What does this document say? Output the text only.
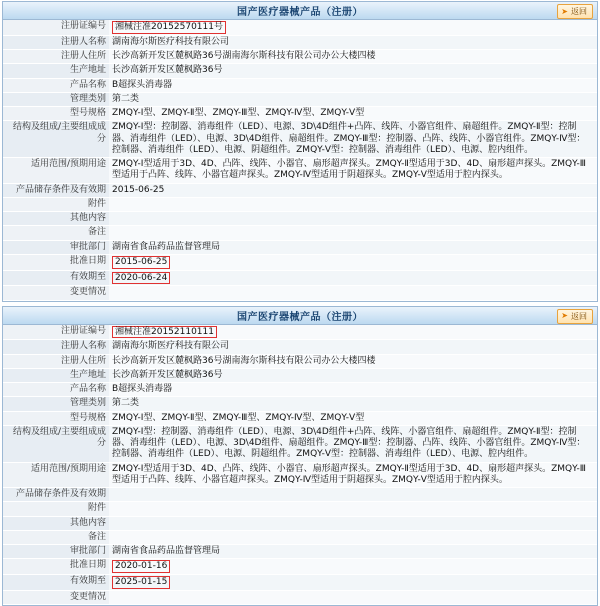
国产医疗器械产品（注册）	➤ 返回
注册证编号	湘械注准20152570111号
注册人名称	湖南海尔斯医疗科技有限公司
注册人住所	长沙高新开发区麓枫路36号湖南海尔斯科技有限公司办公大楼四楼
生产地址	长沙高新开发区麓枫路36号
产品名称	B超探头消毒器
管理类别	第二类
型号规格	ZMQY-Ⅰ型、ZMQY-Ⅱ型、ZMQY-Ⅲ型、ZMQY-Ⅳ型、ZMQY-Ⅴ型
结构及组成/主要组成成分	ZMQY-Ⅰ型：控制器、消毒组件（LED）、电源、3D\4D组件+凸阵、线阵、小器官组件、扇超组件。ZMQY-Ⅱ型：控制器、消毒组件（LED）、电源、3D\4D组件、扇超组件。ZMQY-Ⅲ型：控制器、凸阵、线阵、小器官组件。ZMQY-Ⅳ型：控制器、消毒组件（LED）、电源、阴超组件。ZMQY-Ⅴ型：控制器、消毒组件（LED）、电源、腔内组件。
适用范围/预期用途	ZMQY-Ⅰ型适用于3D、4D、凸阵、线阵、小器官、扇形超声探头。ZMQY-Ⅱ型适用于3D、4D、扇形超声探头。ZMQY-Ⅲ型适用于凸阵、线阵、小器官超声探头。ZMQY-Ⅳ型适用于阴超探头。ZMQY-Ⅴ型适用于腔内探头。
产品储存条件及有效期	2015-06-25
附件	
其他内容	
备注	
审批部门	湖南省食品药品监督管理局
批准日期	2015-06-25
有效期至	2020-06-24
变更情况	
国产医疗器械产品（注册）	➤ 返回
注册证编号	湘械注准20152110111
注册人名称	湖南海尔斯医疗科技有限公司
注册人住所	长沙高新开发区麓枫路36号湖南海尔斯科技有限公司办公大楼四楼
生产地址	长沙高新开发区麓枫路36号
产品名称	B超探头消毒器
管理类别	第二类
型号规格	ZMQY-Ⅰ型、ZMQY-Ⅱ型、ZMQY-Ⅲ型、ZMQY-Ⅳ型、ZMQY-Ⅴ型
结构及组成/主要组成成分	ZMQY-Ⅰ型：控制器、消毒组件（LED）、电源、3D\4D组件+凸阵、线阵、小器官组件、扇超组件。ZMQY-Ⅱ型：控制器、消毒组件（LED）、电源、3D\4D组件、扇超组件。ZMQY-Ⅲ型：控制器、凸阵、线阵、小器官组件。ZMQY-Ⅳ型：控制器、消毒组件（LED）、电源、阴超组件。ZMQY-Ⅴ型：控制器、消毒组件（LED）、电源、腔内组件。
适用范围/预期用途	ZMQY-Ⅰ型适用于3D、4D、凸阵、线阵、小器官、扇形超声探头。ZMQY-Ⅱ型适用于3D、4D、扇形超声探头。ZMQY-Ⅲ型适用于凸阵、线阵、小器官超声探头。ZMQY-Ⅳ型适用于阴超探头。ZMQY-Ⅴ型适用于腔内探头。
产品储存条件及有效期	
附件	
其他内容	
备注	
审批部门	湖南省食品药品监督管理局
批准日期	2020-01-16
有效期至	2025-01-15
变更情况	
